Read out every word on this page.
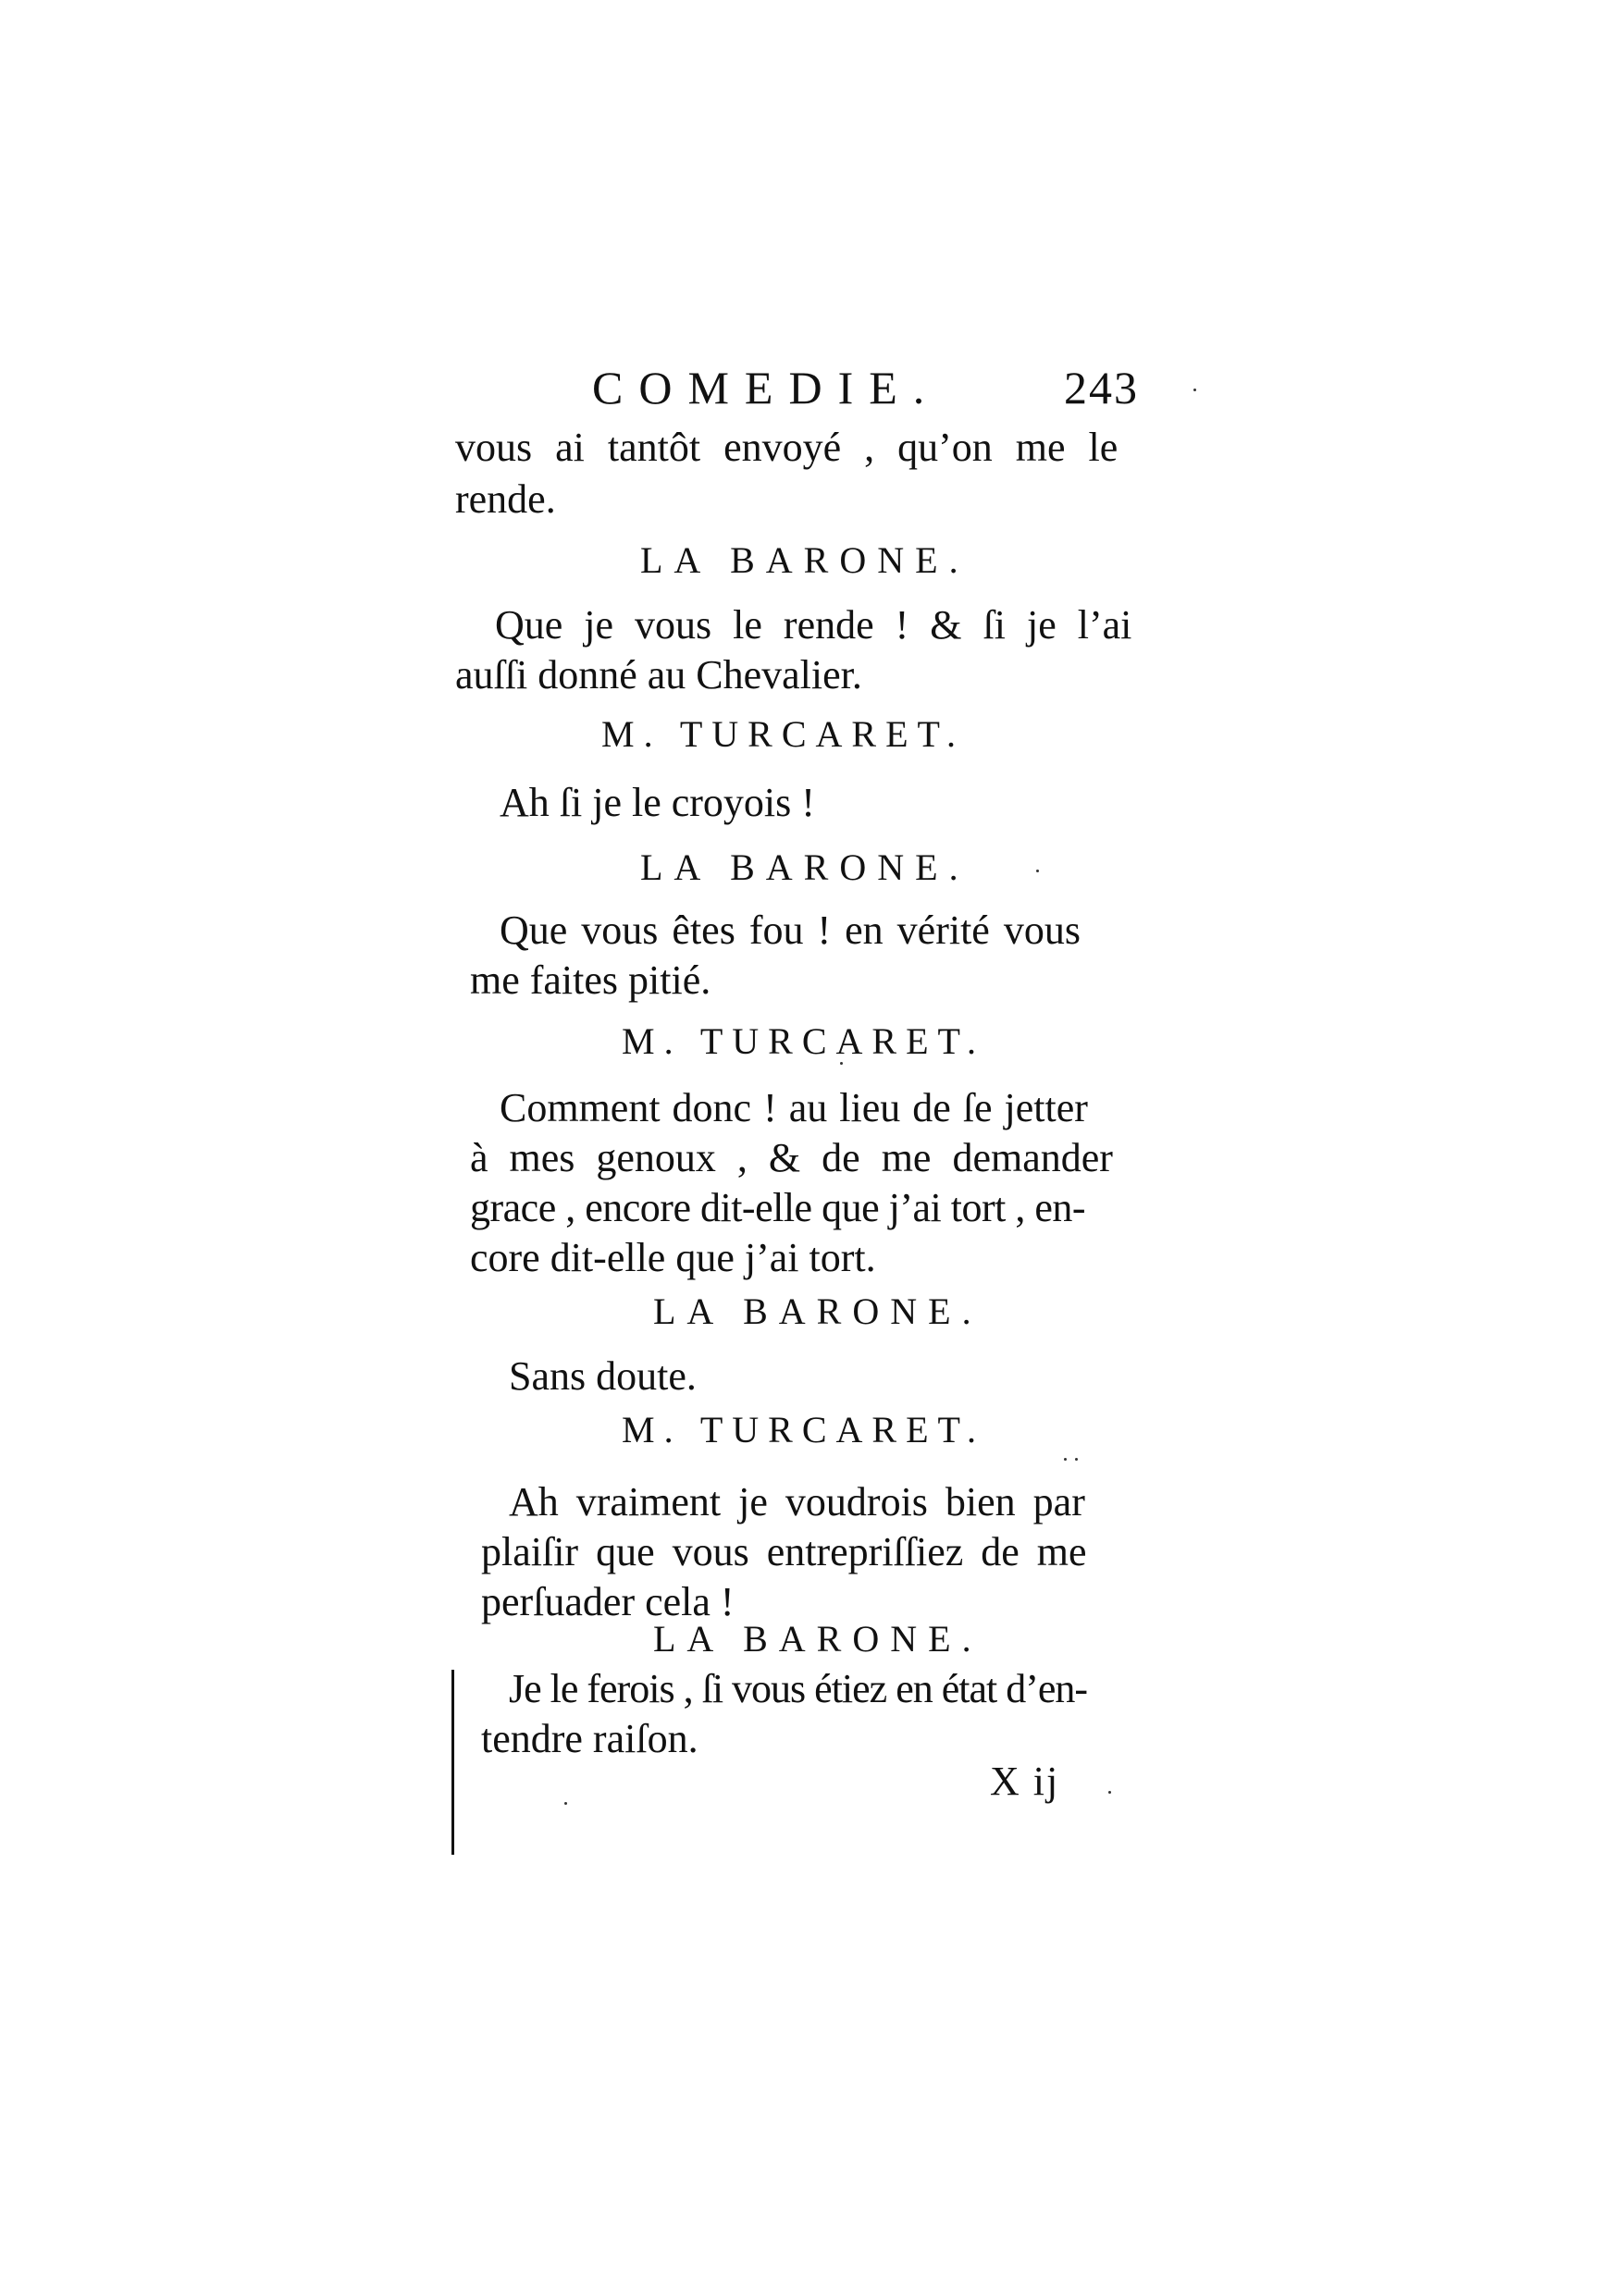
COMEDIE.	243
vous ai tantôt envoyé , qu’on me le
rende.
LA BARONE.
Que je vous le rende ! & ſi je l’ai
auſſi donné au Chevalier.
M. TURCARET.
Ah ſi je le croyois !
LA BARONE.
Que vous êtes fou ! en vérité vous
me faites pitié.
M. TURCARET.
Comment donc ! au lieu de ſe jetter
à mes genoux , & de me demander
grace , encore dit-elle que j’ai tort , en-
core dit-elle que j’ai tort.
LA BARONE.
Sans doute.
M. TURCARET.
Ah vraiment je voudrois bien par
plaiſir que vous entrepriſſiez de me
perſuader cela !
LA BARONE.
Je le ferois , ſi vous étiez en état d’en-
tendre raiſon.
X ij
